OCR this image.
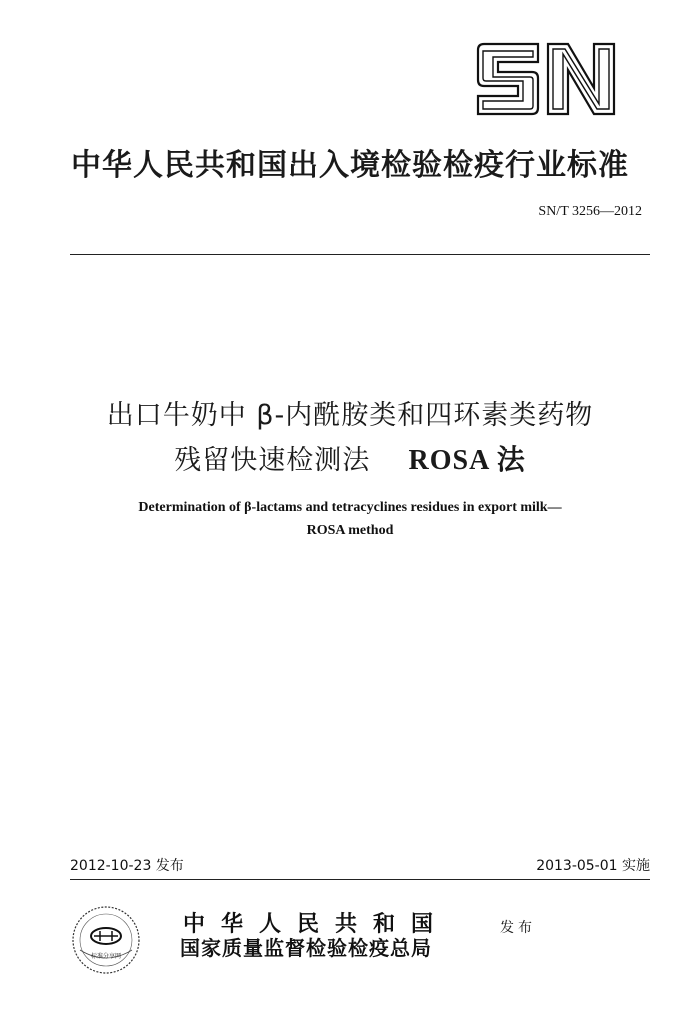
中华人民共和国出入境检验检疫行业标准
SN/T 3256—2012
出口牛奶中 β-内酰胺类和四环素类药物
残留快速检测法 ROSA 法
Determination of β-lactams and tetracyclines residues in export milk—
ROSA method
2012-10-23 发布	2013-05-01 实施
标准分享网
中华人民共和国
国家质量监督检验检疫总局
发布
